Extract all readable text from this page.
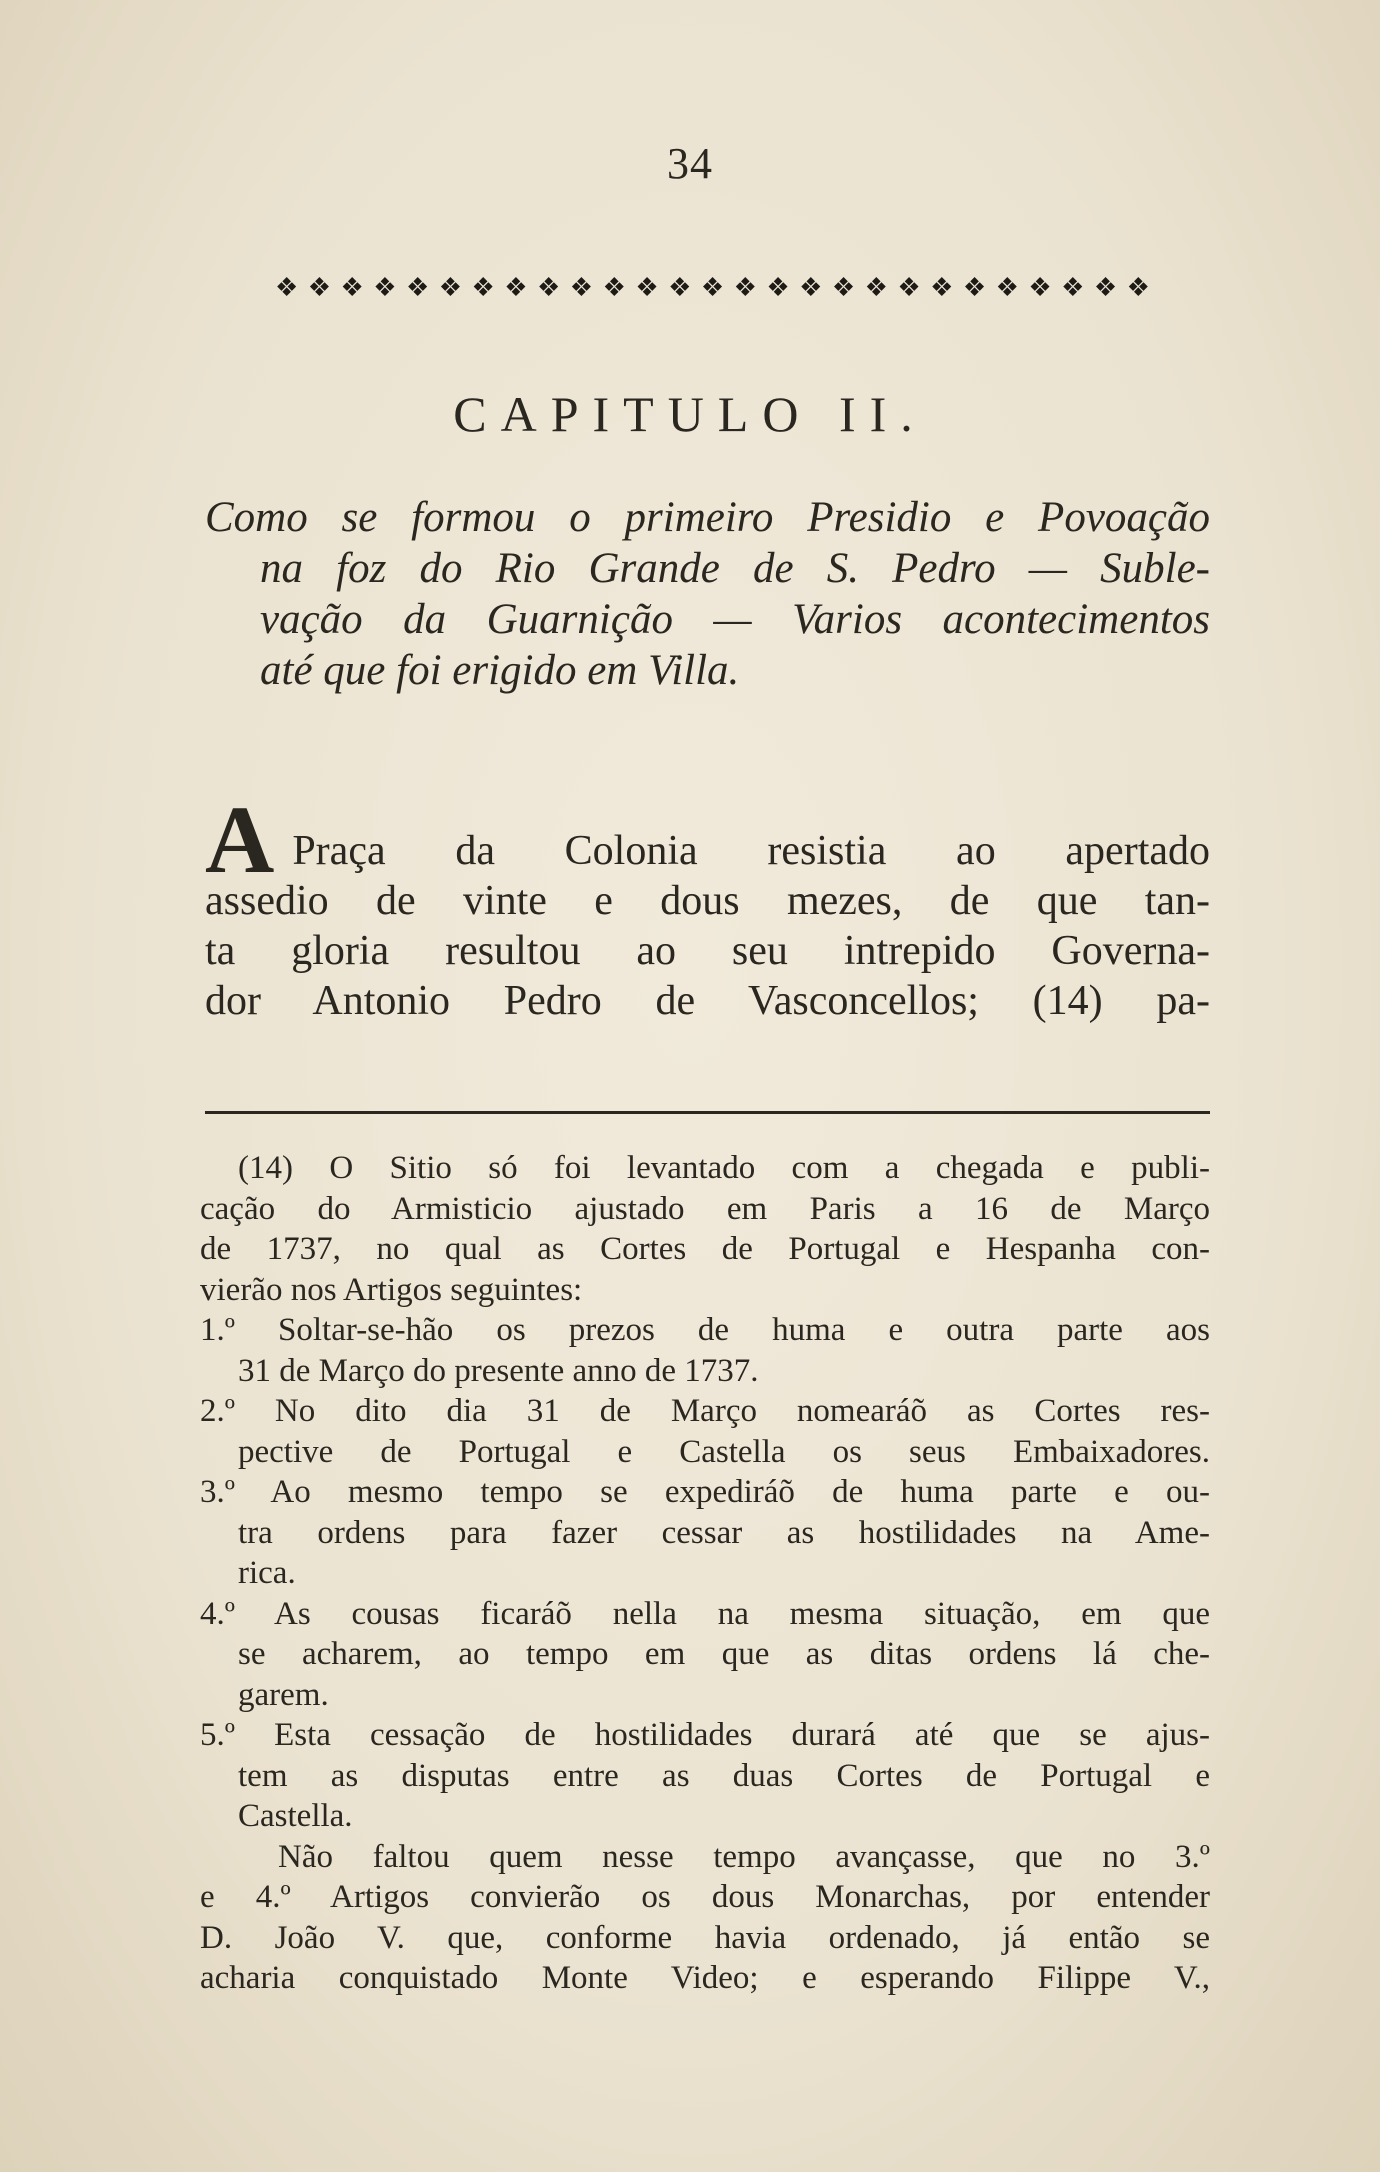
34
❖❖❖❖❖❖❖❖❖❖❖❖❖❖❖❖❖❖❖❖❖❖❖❖❖❖❖
CAPITULO II.
Como se formou o primeiro Presidio e Povoação
na foz do Rio Grande de S. Pedro — Suble-
vação da Guarnição — Varios acontecimentos
até que foi erigido em Villa.
A Praça da Colonia resistia ao apertado
assedio de vinte e dous mezes, de que tan-
ta gloria resultou ao seu intrepido Governa-
dor Antonio Pedro de Vasconcellos; (14) pa-
(14) O Sitio só foi levantado com a chegada e publi-
cação do Armisticio ajustado em Paris a 16 de Março
de 1737, no qual as Cortes de Portugal e Hespanha con-
vierão nos Artigos seguintes:
1.º Soltar-se-hão os prezos de huma e outra parte aos
31 de Março do presente anno de 1737.
2.º No dito dia 31 de Março nomearáõ as Cortes res-
pective de Portugal e Castella os seus Embaixadores.
3.º Ao mesmo tempo se expediráõ de huma parte e ou-
tra ordens para fazer cessar as hostilidades na Ame-
rica.
4.º As cousas ficaráõ nella na mesma situação, em que
se acharem, ao tempo em que as ditas ordens lá che-
garem.
5.º Esta cessação de hostilidades durará até que se ajus-
tem as disputas entre as duas Cortes de Portugal e
Castella.
Não faltou quem nesse tempo avançasse, que no 3.º
e 4.º Artigos convierão os dous Monarchas, por entender
D. João V. que, conforme havia ordenado, já então se
acharia conquistado Monte Video; e esperando Filippe V.,
